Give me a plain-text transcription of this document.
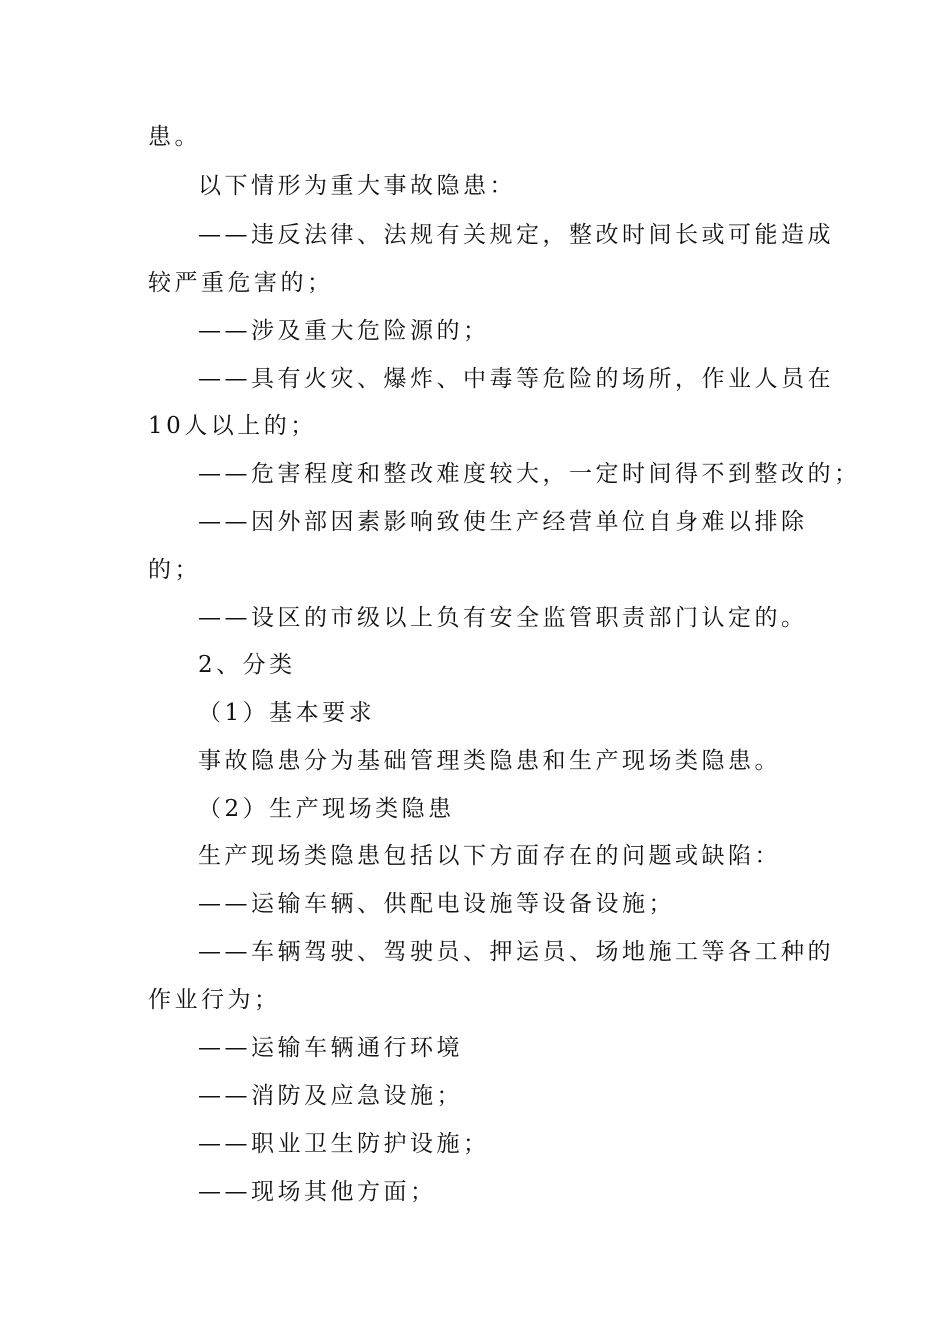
患。
以下情形为重大事故隐患：
——违反法律、法规有关规定，整改时间长或可能造成
较严重危害的；
——涉及重大危险源的；
——具有火灾、爆炸、中毒等危险的场所，作业人员在
10人以上的；
——危害程度和整改难度较大，一定时间得不到整改的；
——因外部因素影响致使生产经营单位自身难以排除
的；
——设区的市级以上负有安全监管职责部门认定的。
2、分类
（1）基本要求
事故隐患分为基础管理类隐患和生产现场类隐患。
（2）生产现场类隐患
生产现场类隐患包括以下方面存在的问题或缺陷：
——运输车辆、供配电设施等设备设施；
——车辆驾驶、驾驶员、押运员、场地施工等各工种的
作业行为；
——运输车辆通行环境
——消防及应急设施；
——职业卫生防护设施；
——现场其他方面；
